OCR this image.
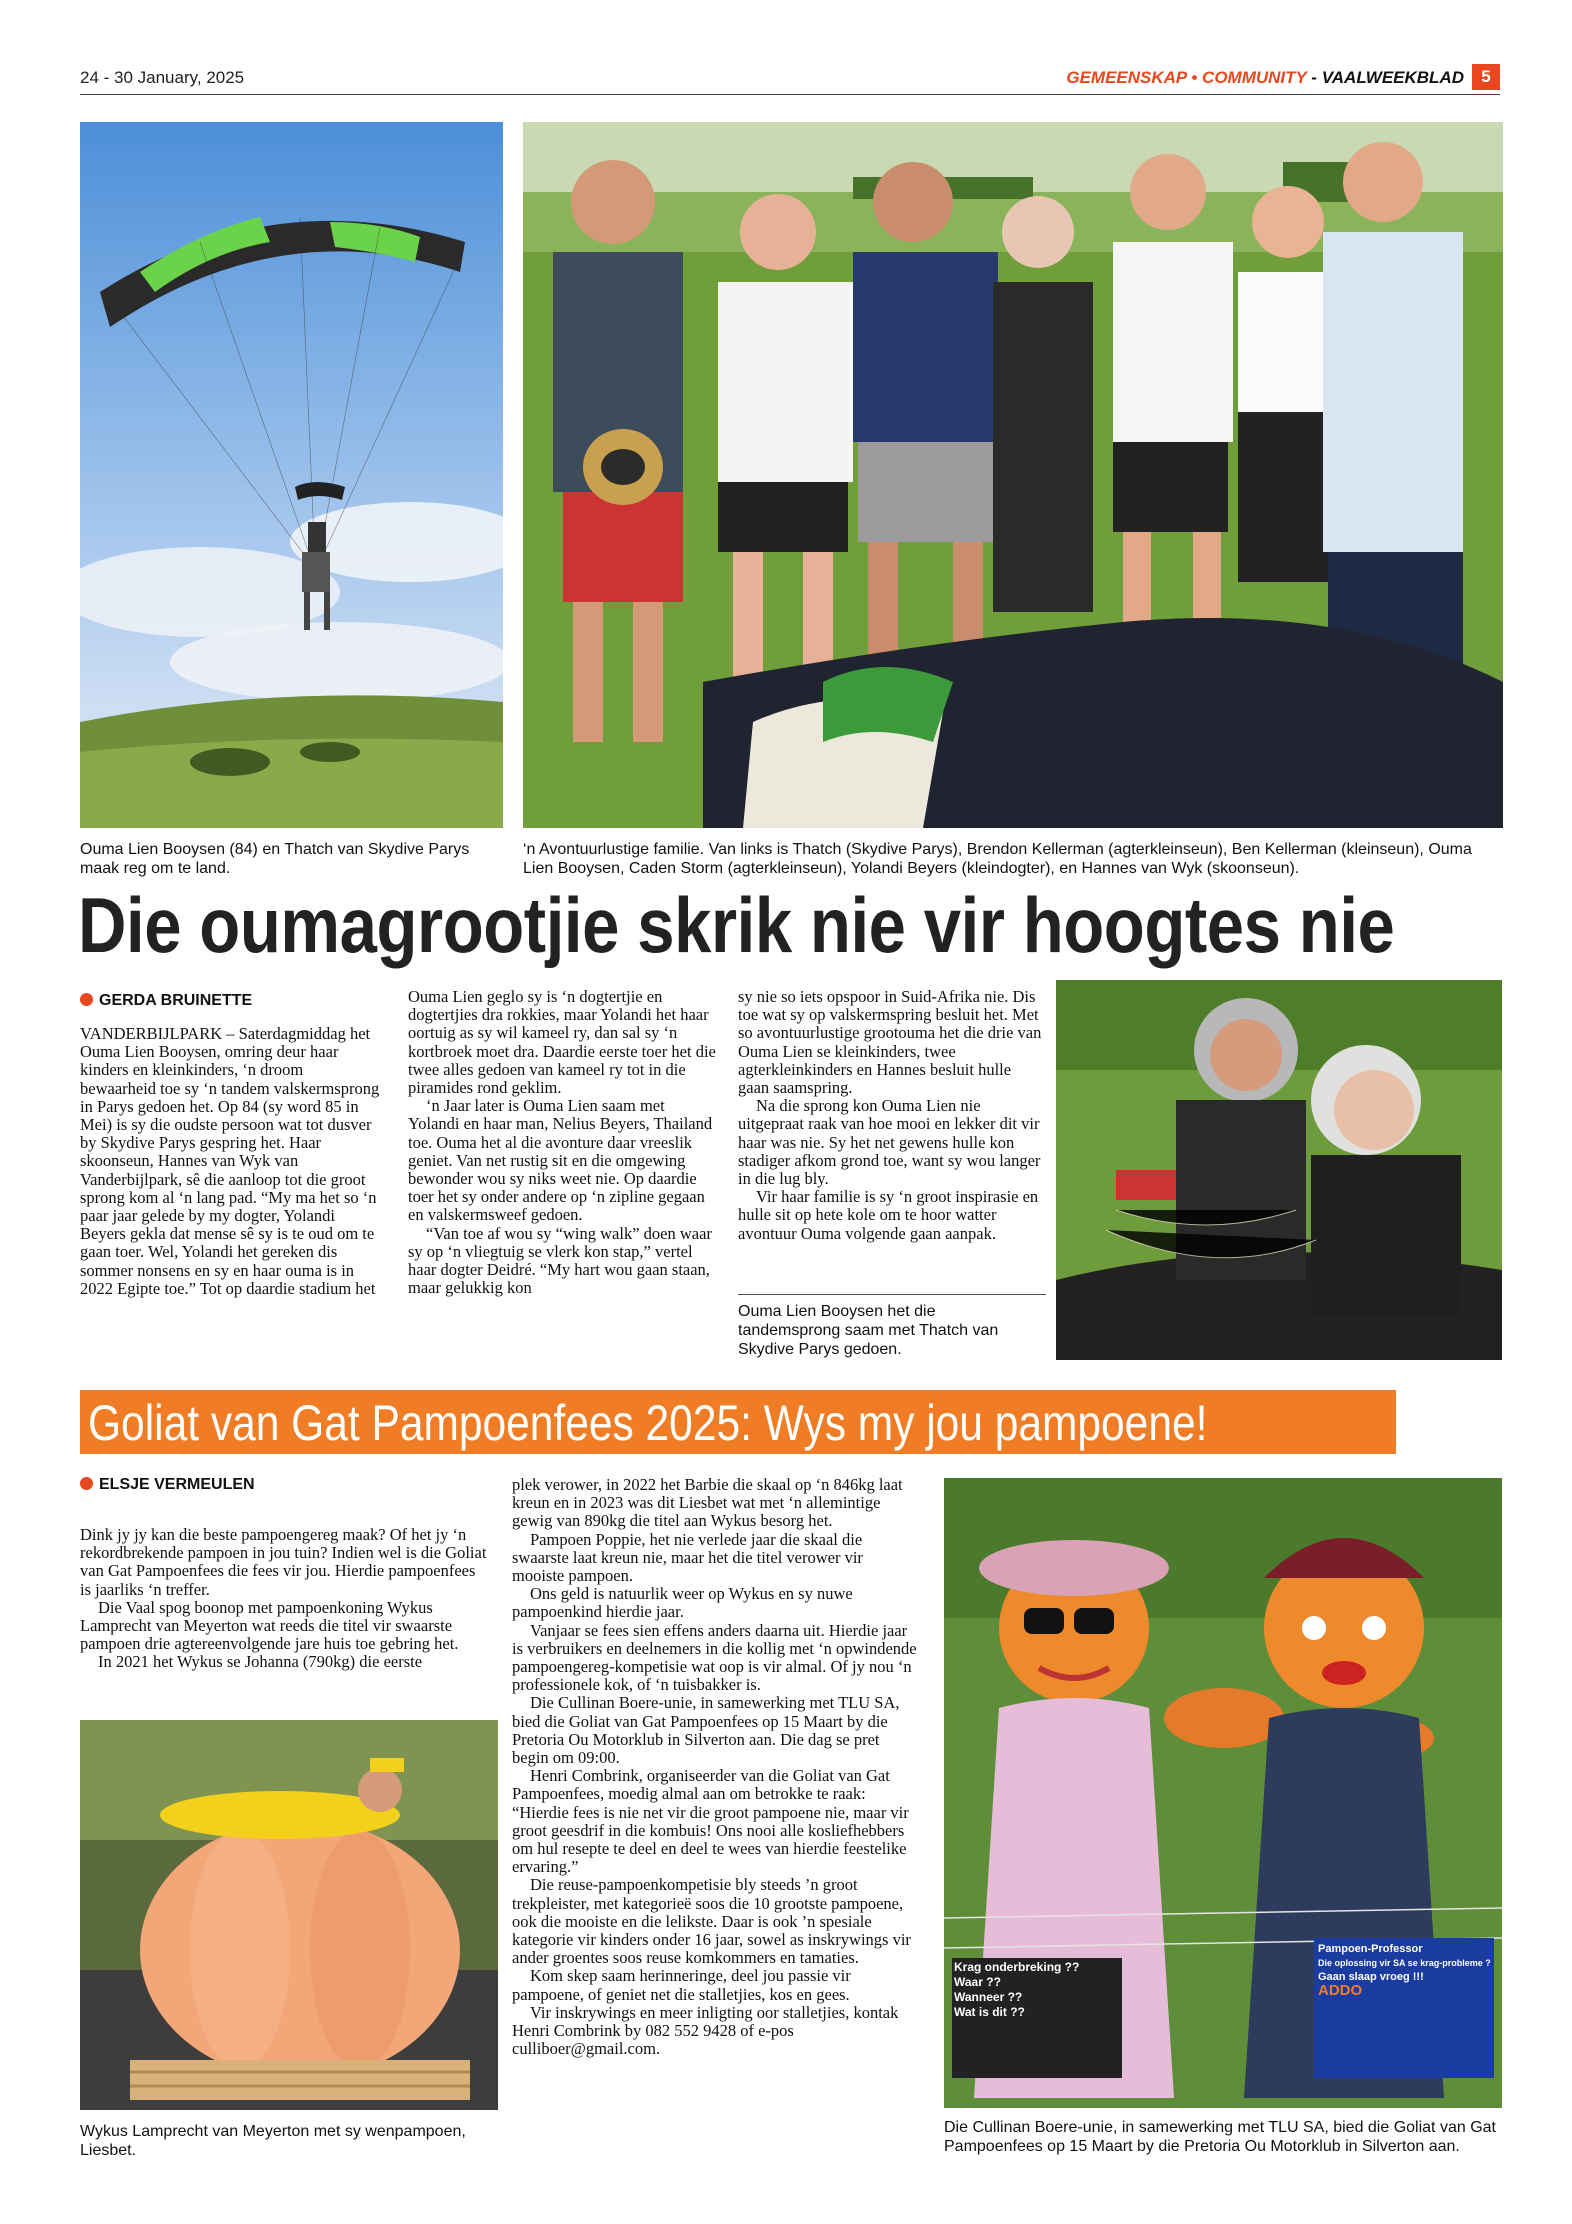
24 - 30 January, 2025	GEMEENSKAP • COMMUNITY - VAALWEEKBLAD	5
Ouma Lien Booysen (84) en Thatch van Skydive Parys maak reg om te land.
‘n Avontuurlustige familie. Van links is Thatch (Skydive Parys), Brendon Kellerman (agterkleinseun), Ben Kellerman (kleinseun), Ouma Lien Booysen, Caden Storm (agterkleinseun), Yolandi Beyers (kleindogter), en Hannes van Wyk (skoonseun).
Die oumagrootjie skrik nie vir hoogtes nie
GERDA BRUINETTE

VANDERBIJLPARK – Saterdagmiddag het Ouma Lien Booysen, omring deur haar kinders en kleinkinders, ‘n droom bewaarheid toe sy ‘n tandem valskermsprong in Parys gedoen het. Op 84 (sy word 85 in Mei) is sy die oudste persoon wat tot dusver by Skydive Parys gespring het. Haar skoonseun, Hannes van Wyk van Vanderbijlpark, sê die aanloop tot die groot sprong kom al ‘n lang pad. “My ma het so ‘n paar jaar gelede by my dogter, Yolandi Beyers gekla dat mense sê sy is te oud om te gaan toer. Wel, Yolandi het gereken dis sommer nonsens en sy en haar ouma is in 2022 Egipte toe.” Tot op daardie stadium het

Ouma Lien geglo sy is ‘n dogtertjie en dogtertjies dra rokkies, maar Yolandi het haar oortuig as sy wil kameel ry, dan sal sy ‘n kortbroek moet dra. Daardie eerste toer het die twee alles gedoen van kameel ry tot in die piramides rond geklim.

‘n Jaar later is Ouma Lien saam met Yolandi en haar man, Nelius Beyers, Thailand toe. Ouma het al die avonture daar vreeslik geniet. Van net rustig sit en die omgewing bewonder wou sy niks weet nie. Op daardie toer het sy onder andere op ‘n zipline gegaan en valskermsweef gedoen.

“Van toe af wou sy “wing walk” doen waar sy op ‘n vliegtuig se vlerk kon stap,” vertel haar dogter Deidré. “My hart wou gaan staan, maar gelukkig kon

sy nie so iets opspoor in Suid-Afrika nie. Dis toe wat sy op valskermspring besluit het. Met so avontuurlustige grootouma het die drie van Ouma Lien se kleinkinders, twee agterkleinkinders en Hannes besluit hulle gaan saamspring.

Na die sprong kon Ouma Lien nie uitgepraat raak van hoe mooi en lekker dit vir haar was nie. Sy het net gewens hulle kon stadiger afkom grond toe, want sy wou langer in die lug bly.

Vir haar familie is sy ‘n groot inspirasie en hulle sit op hete kole om te hoor watter avontuur Ouma volgende gaan aanpak.

Ouma Lien Booysen het die tandemsprong saam met Thatch van Skydive Parys gedoen.
Goliat van Gat Pampoenfees 2025: Wys my jou pampoene!
ELSJE VERMEULEN

Dink jy jy kan die beste pampoengereg maak? Of het jy ‘n rekordbrekende pampoen in jou tuin? Indien wel is die Goliat van Gat Pampoenfees die fees vir jou. Hierdie pampoenfees is jaarliks ‘n treffer.

Die Vaal spog boonop met pampoenkoning Wykus Lamprecht van Meyerton wat reeds die titel vir swaarste pampoen drie agtereenvolgende jare huis toe gebring het.

In 2021 het Wykus se Johanna (790kg) die eerste

Wykus Lamprecht van Meyerton met sy wenpampoen, Liesbet.

plek verower, in 2022 het Barbie die skaal op ‘n 846kg laat kreun en in 2023 was dit Liesbet wat met ‘n allemintige gewig van 890kg die titel aan Wykus besorg het.

Pampoen Poppie, het nie verlede jaar die skaal die swaarste laat kreun nie, maar het die titel verower vir mooiste pampoen.

Ons geld is natuurlik weer op Wykus en sy nuwe pampoenkind hierdie jaar.

Vanjaar se fees sien effens anders daarna uit. Hierdie jaar is verbruikers en deelnemers in die kollig met ‘n opwindende pampoengereg-kompetisie wat oop is vir almal. Of jy nou ‘n professionele kok, of ‘n tuisbakker is.

Die Cullinan Boere-unie, in samewerking met TLU SA, bied die Goliat van Gat Pampoenfees op 15 Maart by die Pretoria Ou Motorklub in Silverton aan. Die dag se pret begin om 09:00.

Henri Combrink, organiseerder van die Goliat van Gat Pampoenfees, moedig almal aan om betrokke te raak: “Hierdie fees is nie net vir die groot pampoene nie, maar vir groot geesdrif in die kombuis! Ons nooi alle kosliefhebbers om hul resepte te deel en deel te wees van hierdie feestelike ervaring.”

Die reuse-pampoenkompetisie bly steeds ’n groot trekpleister, met kategorieë soos die 10 grootste pampoene, ook die mooiste en die lelikste. Daar is ook ’n spesiale kategorie vir kinders onder 16 jaar, sowel as inskrywings vir ander groentes soos reuse komkommers en tamaties.

Kom skep saam herinneringe, deel jou passie vir pampoene, of geniet net die stalletjies, kos en gees.

Vir inskrywings en meer inligting oor stalletjies, kontak Henri Combrink by 082 552 9428 of e-pos culliboer@gmail.com.

Krag onderbreking ??
Waar ??
Wanneer ??
Wat is dit ??
Pampoen-Professor
Die oplossing vir SA se krag-probleme ?
Gaan slaap vroeg !!!
ADDO
Die Cullinan Boere-unie, in samewerking met TLU SA, bied die Goliat van Gat Pampoenfees op 15 Maart by die Pretoria Ou Motorklub in Silverton aan.
